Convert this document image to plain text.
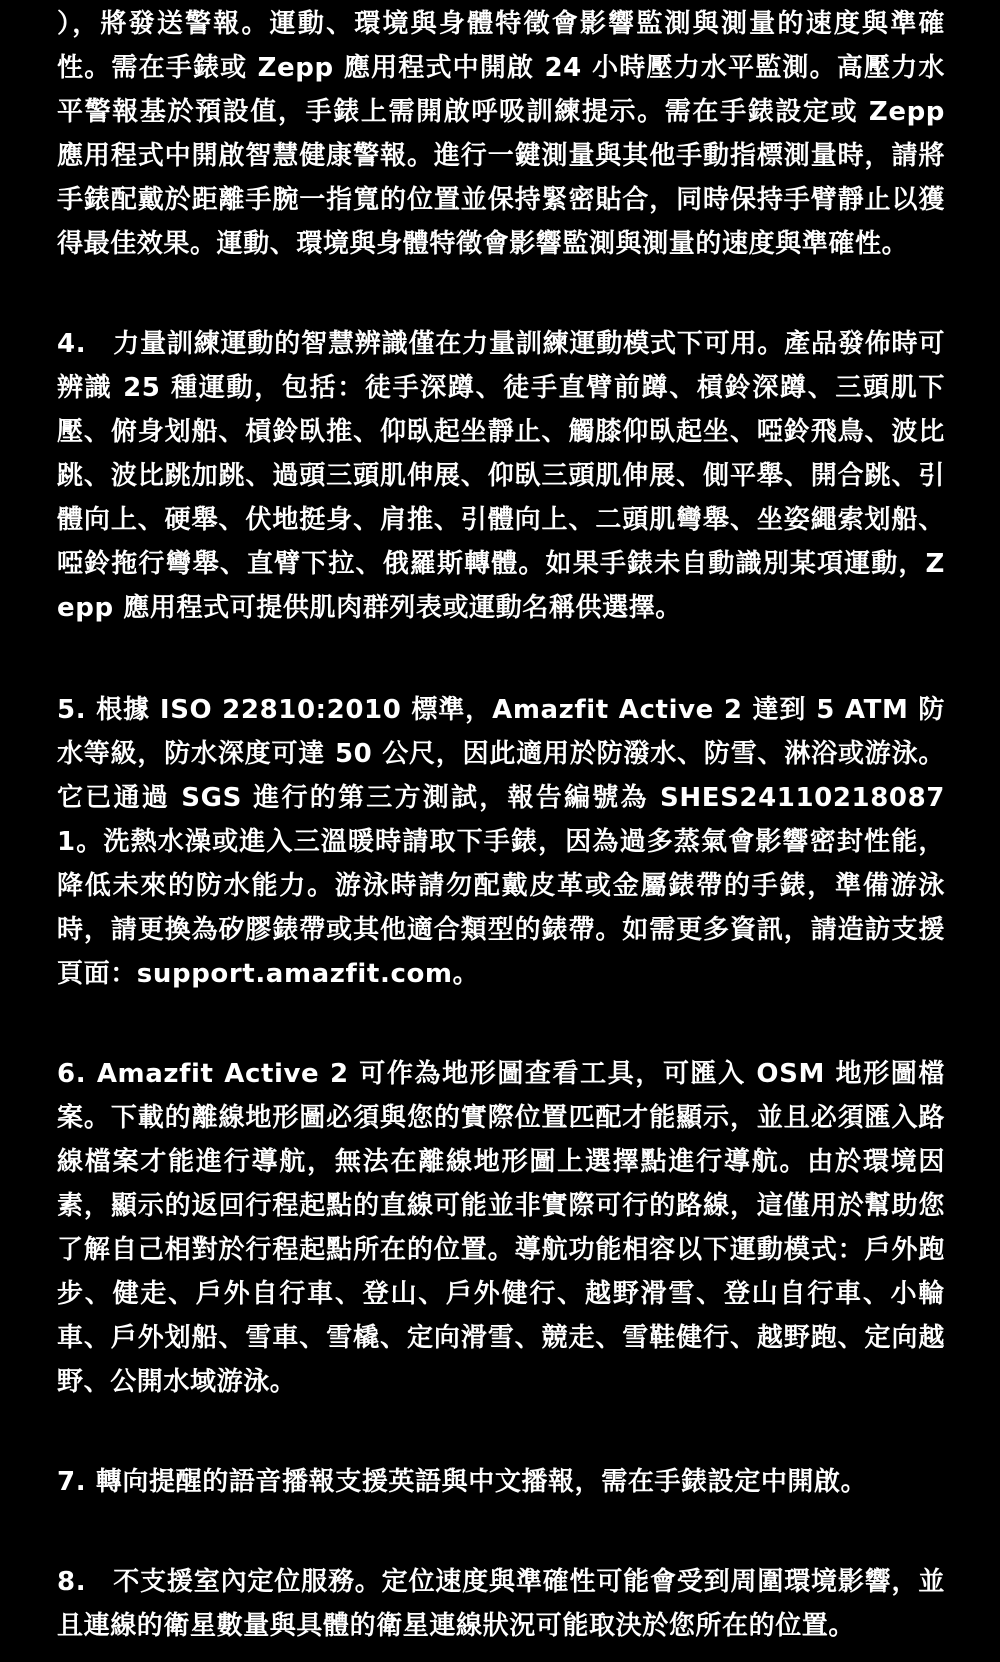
），將發送警報。運動、環境與身體特徵會影響監測與測量的速度與準確性。需在手錶或 Zepp 應用程式中開啟 24 小時壓力水平監測。高壓力水平警報基於預設值，手錶上需開啟呼吸訓練提示。需在手錶設定或 Zepp 應用程式中開啟智慧健康警報。進行一鍵測量與其他手動指標測量時，請將手錶配戴於距離手腕一指寬的位置並保持緊密貼合，同時保持手臂靜止以獲得最佳效果。運動、環境與身體特徵會影響監測與測量的速度與準確性。

4.　力量訓練運動的智慧辨識僅在力量訓練運動模式下可用。產品發佈時可辨識 25 種運動，包括：徒手深蹲、徒手直臂前蹲、槓鈴深蹲、三頭肌下壓、俯身划船、槓鈴臥推、仰臥起坐靜止、觸膝仰臥起坐、啞鈴飛鳥、波比跳、波比跳加跳、過頭三頭肌伸展、仰臥三頭肌伸展、側平舉、開合跳、引體向上、硬舉、伏地挺身、肩推、引體向上、二頭肌彎舉、坐姿繩索划船、啞鈴拖行彎舉、直臂下拉、俄羅斯轉體。如果手錶未自動識別某項運動，Zepp 應用程式可提供肌肉群列表或運動名稱供選擇。

5. 根據 ISO 22810:2010 標準，Amazfit Active 2 達到 5 ATM 防水等級，防水深度可達 50 公尺，因此適用於防潑水、防雪、淋浴或游泳。它已通過 SGS 進行的第三方測試，報告編號為 SHES241102180871。洗熱水澡或進入三溫暖時請取下手錶，因為過多蒸氣會影響密封性能，降低未來的防水能力。游泳時請勿配戴皮革或金屬錶帶的手錶，準備游泳時，請更換為矽膠錶帶或其他適合類型的錶帶。如需更多資訊，請造訪支援頁面：support.amazfit.com。

6. Amazfit Active 2 可作為地形圖查看工具，可匯入 OSM 地形圖檔案。下載的離線地形圖必須與您的實際位置匹配才能顯示，並且必須匯入路線檔案才能進行導航，無法在離線地形圖上選擇點進行導航。由於環境因素，顯示的返回行程起點的直線可能並非實際可行的路線，這僅用於幫助您了解自己相對於行程起點所在的位置。導航功能相容以下運動模式：戶外跑步、健走、戶外自行車、登山、戶外健行、越野滑雪、登山自行車、小輪車、戶外划船、雪車、雪橇、定向滑雪、競走、雪鞋健行、越野跑、定向越野、公開水域游泳。

7. 轉向提醒的語音播報支援英語與中文播報，需在手錶設定中開啟。

8.　不支援室內定位服務。定位速度與準確性可能會受到周圍環境影響，並且連線的衛星數量與具體的衛星連線狀況可能取決於您所在的位置。
